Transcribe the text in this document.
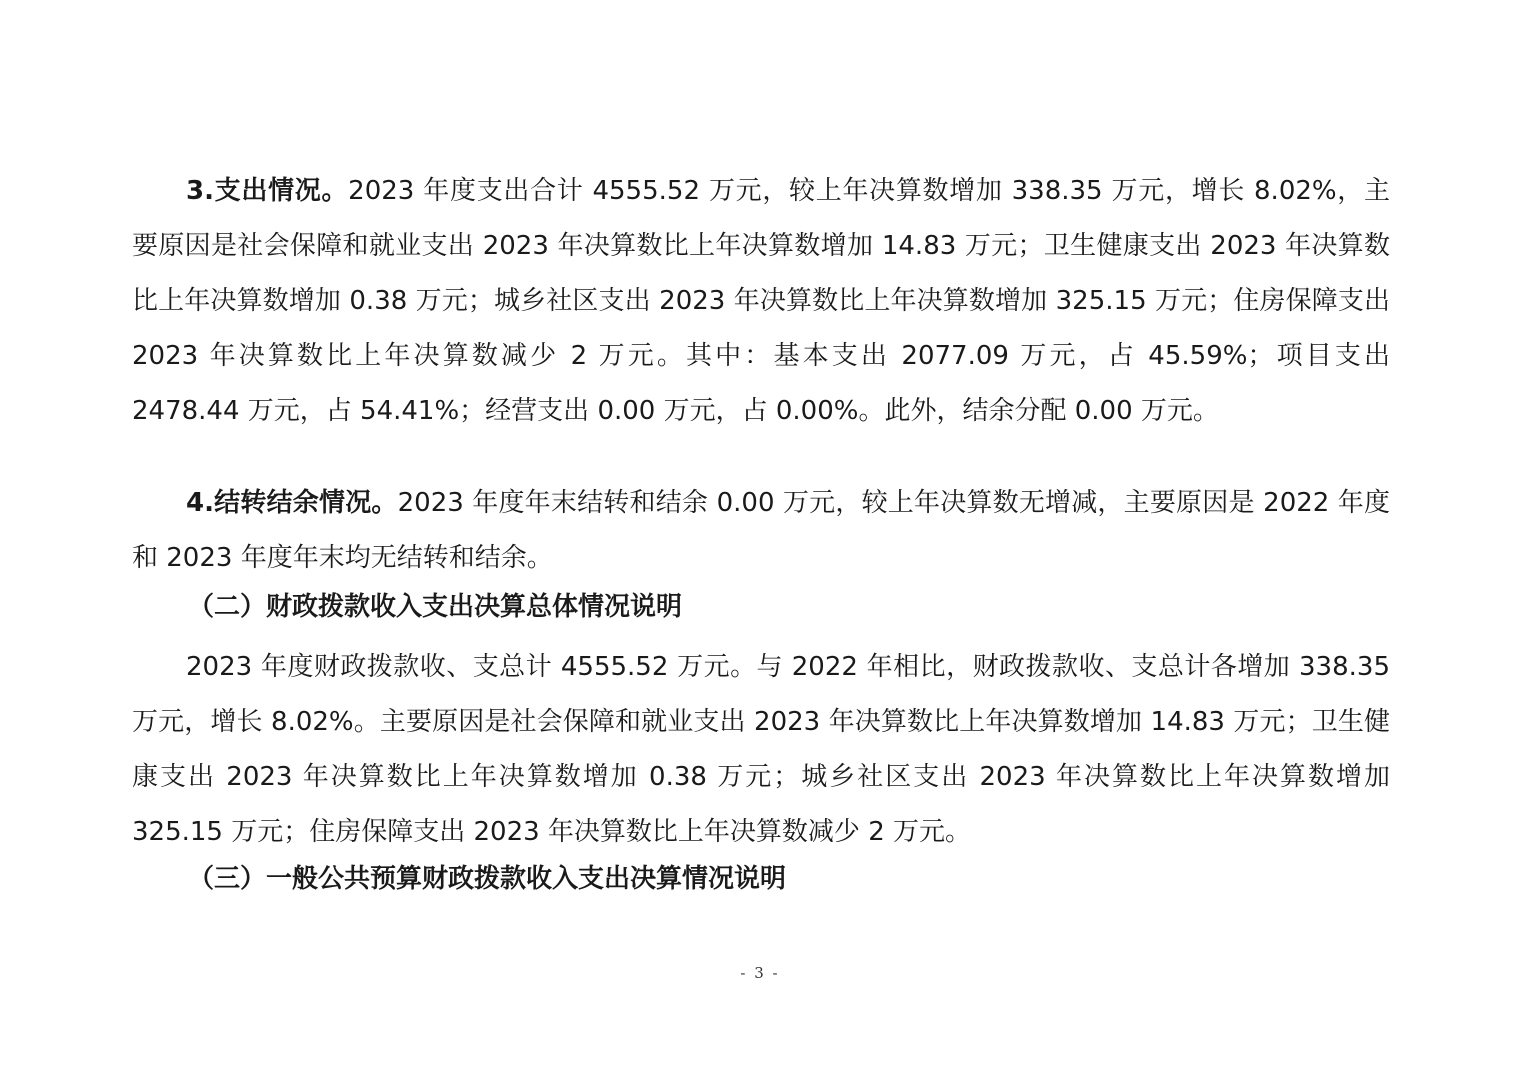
3.支出情况。2023 年度支出合计 4555.52 万元，较上年决算数增加 338.35 万元，增长 8.02%，主要原因是社会保障和就业支出 2023 年决算数比上年决算数增加 14.83 万元；卫生健康支出 2023 年决算数比上年决算数增加 0.38 万元；城乡社区支出 2023 年决算数比上年决算数增加 325.15 万元；住房保障支出 2023 年决算数比上年决算数减少 2 万元。其中：基本支出 2077.09 万元，占 45.59%；项目支出 2478.44 万元，占 54.41%；经营支出 0.00 万元，占 0.00%。此外，结余分配 0.00 万元。

4.结转结余情况。2023 年度年末结转和结余 0.00 万元，较上年决算数无增减，主要原因是 2022 年度和 2023 年度年末均无结转和结余。

（二）财政拨款收入支出决算总体情况说明

2023 年度财政拨款收、支总计 4555.52 万元。与 2022 年相比，财政拨款收、支总计各增加 338.35 万元，增长 8.02%。主要原因是社会保障和就业支出 2023 年决算数比上年决算数增加 14.83 万元；卫生健康支出 2023 年决算数比上年决算数增加 0.38 万元；城乡社区支出 2023 年决算数比上年决算数增加 325.15 万元；住房保障支出 2023 年决算数比上年决算数减少 2 万元。

（三）一般公共预算财政拨款收入支出决算情况说明
- 3 -
